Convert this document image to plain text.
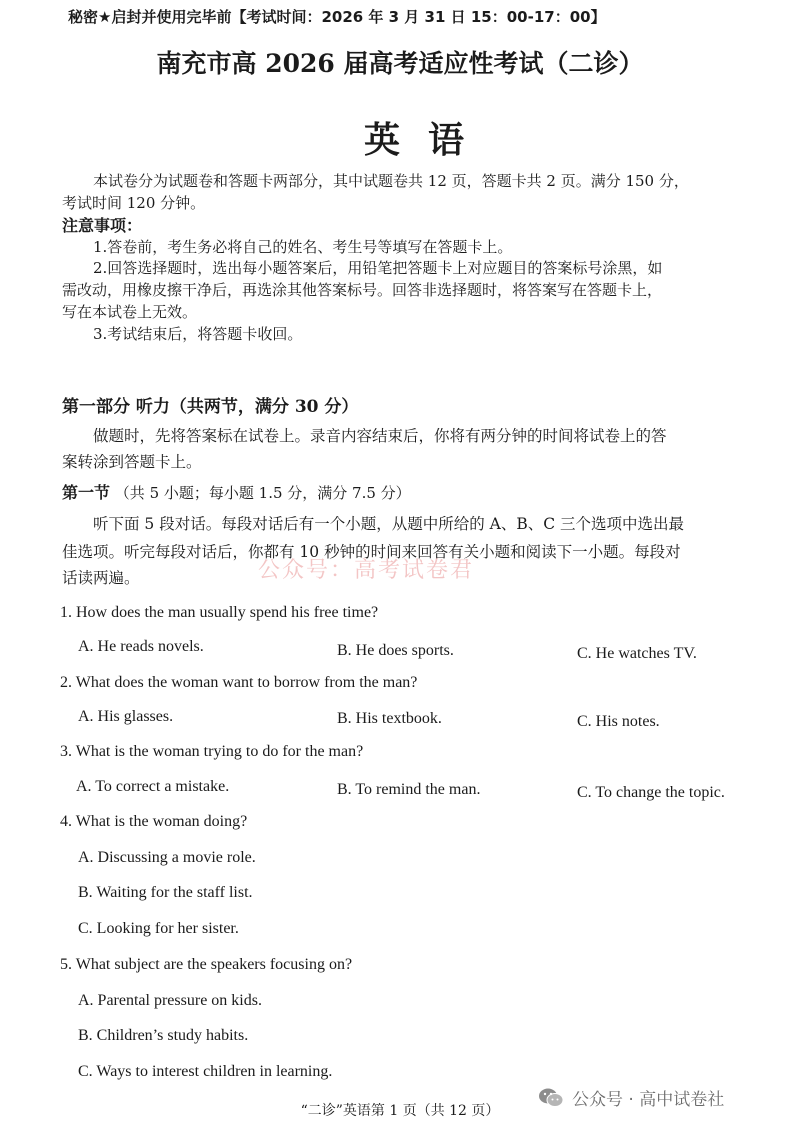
秘密★启封并使用完毕前【考试时间：2026 年 3 月 31 日 15：00-17：00】

南充市高 2026 届高考适应性考试（二诊）
英语

本试卷分为试题卷和答题卡两部分，其中试题卷共 12 页，答题卡共 2 页。满分 150 分，

考试时间 120 分钟。

注意事项：

1.答卷前，考生务必将自己的姓名、考生号等填写在答题卡上。

2.回答选择题时，选出每小题答案后，用铅笔把答题卡上对应题目的答案标号涂黑，如

需改动，用橡皮擦干净后，再选涂其他答案标号。回答非选择题时，将答案写在答题卡上，

写在本试卷上无效。

3.考试结束后，将答题卡收回。

第一部分 听力（共两节，满分 30 分）

做题时，先将答案标在试卷上。录音内容结束后，你将有两分钟的时间将试卷上的答

案转涂到答题卡上。

第一节 （共 5 小题；每小题 1.5 分，满分 7.5 分）

听下面 5 段对话。每段对话后有一个小题，从题中所给的 A、B、C 三个选项中选出最

佳选项。听完每段对话后，你都有 10 秒钟的时间来回答有关小题和阅读下一小题。每段对

话读两遍。	公众号：高考试卷君

1. How does the man usually spend his free time?

A. He reads novels.	B. He does sports.	C. He watches TV.

2. What does the woman want to borrow from the man?

A. His glasses.	B. His textbook.	C. His notes.

3. What is the woman trying to do for the man?

A. To correct a mistake.	B. To remind the man.	C. To change the topic.

4. What is the woman doing?

A. Discussing a movie role.

B. Waiting for the staff list.

C. Looking for her sister.

5. What subject are the speakers focusing on?

A. Parental pressure on kids.

B. Children’s study habits.

C. Ways to interest children in learning.

“二诊”英语第 1 页（共 12 页）

公众号 · 高中试卷社
